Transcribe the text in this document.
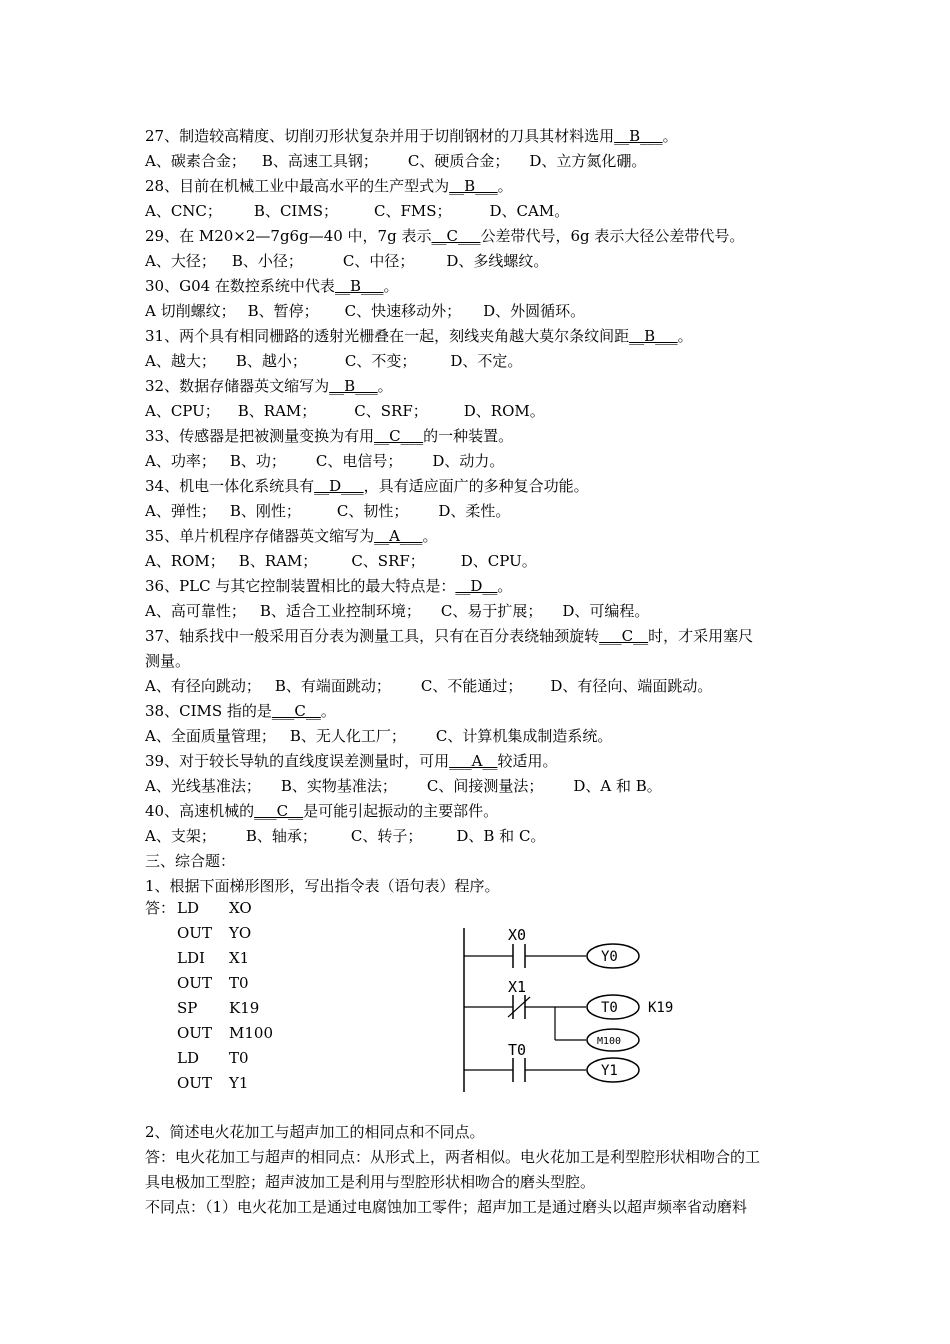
27、制造较高精度、切削刃形状复杂并用于切削钢材的刀具其材料选用__B___。
A、碳素合金； B、高速工具钢； C、硬质合金； D、立方氮化硼。
28、目前在机械工业中最高水平的生产型式为__B___。
A、CNC； B、CIMS； C、FMS；	D、CAM。
29、在 M20×2—7g6g—40 中，7g 表示__C___公差带代号，6g 表示大径公差带代号。
A、大径； B、小径；	C、中径； D、多线螺纹。
30、G04 在数控系统中代表__B___。
A 切削螺纹； B、暂停； C、快速移动外； D、外圆循环。
31、两个具有相同栅路的透射光栅叠在一起，刻线夹角越大莫尔条纹间距__B___。
A、越大； B、越小；	C、不变； D、不定。
32、数据存储器英文缩写为__B___。
A、CPU； B、RAM；	C、SRF； D、ROM。
33、传感器是把被测量变换为有用__C___的一种装置。
A、功率； B、功； C、电信号； D、动力。
34、机电一体化系统具有__D___，具有适应面广的多种复合功能。
A、弹性； B、刚性； C、韧性； D、柔性。
35、单片机程序存储器英文缩写为__A___。
A、ROM； B、RAM； C、SRF； D、CPU。
36、PLC 与其它控制装置相比的最大特点是：__D__。
A、高可靠性； B、适合工业控制环境； C、易于扩展； D、可编程。
37、轴系找中一般采用百分表为测量工具，只有在百分表绕轴颈旋转___C__时，才采用塞尺
测量。
A、有径向跳动； B、有端面跳动； C、不能通过； D、有径向、端面跳动。
38、CIMS 指的是___C__。
A、全面质量管理； B、无人化工厂； C、计算机集成制造系统。
39、对于较长导轨的直线度误差测量时，可用___A__较适用。
A、光线基准法； B、实物基准法； C、间接测量法； D、A 和 B。
40、高速机械的___C__是可能引起振动的主要部件。
A、支架； B、轴承； C、转子； D、B 和 C。
三、综合题：
1、根据下面梯形图形，写出指令表（语句表）程序。
答： LD XO
OUT YO
LDI X1
OUT T0
SP K19
OUT M100
LD T0
OUT Y1
X0
Y0
X1
T0 K19
M100
T0
Y1
2、简述电火花加工与超声加工的相同点和不同点。
答：电火花加工与超声的相同点：从形式上，两者相似。电火花加工是利型腔形状相吻合的工
具电极加工型腔；超声波加工是利用与型腔形状相吻合的磨头型腔。
不同点：（1）电火花加工是通过电腐蚀加工零件；超声加工是通过磨头以超声频率省动磨料
